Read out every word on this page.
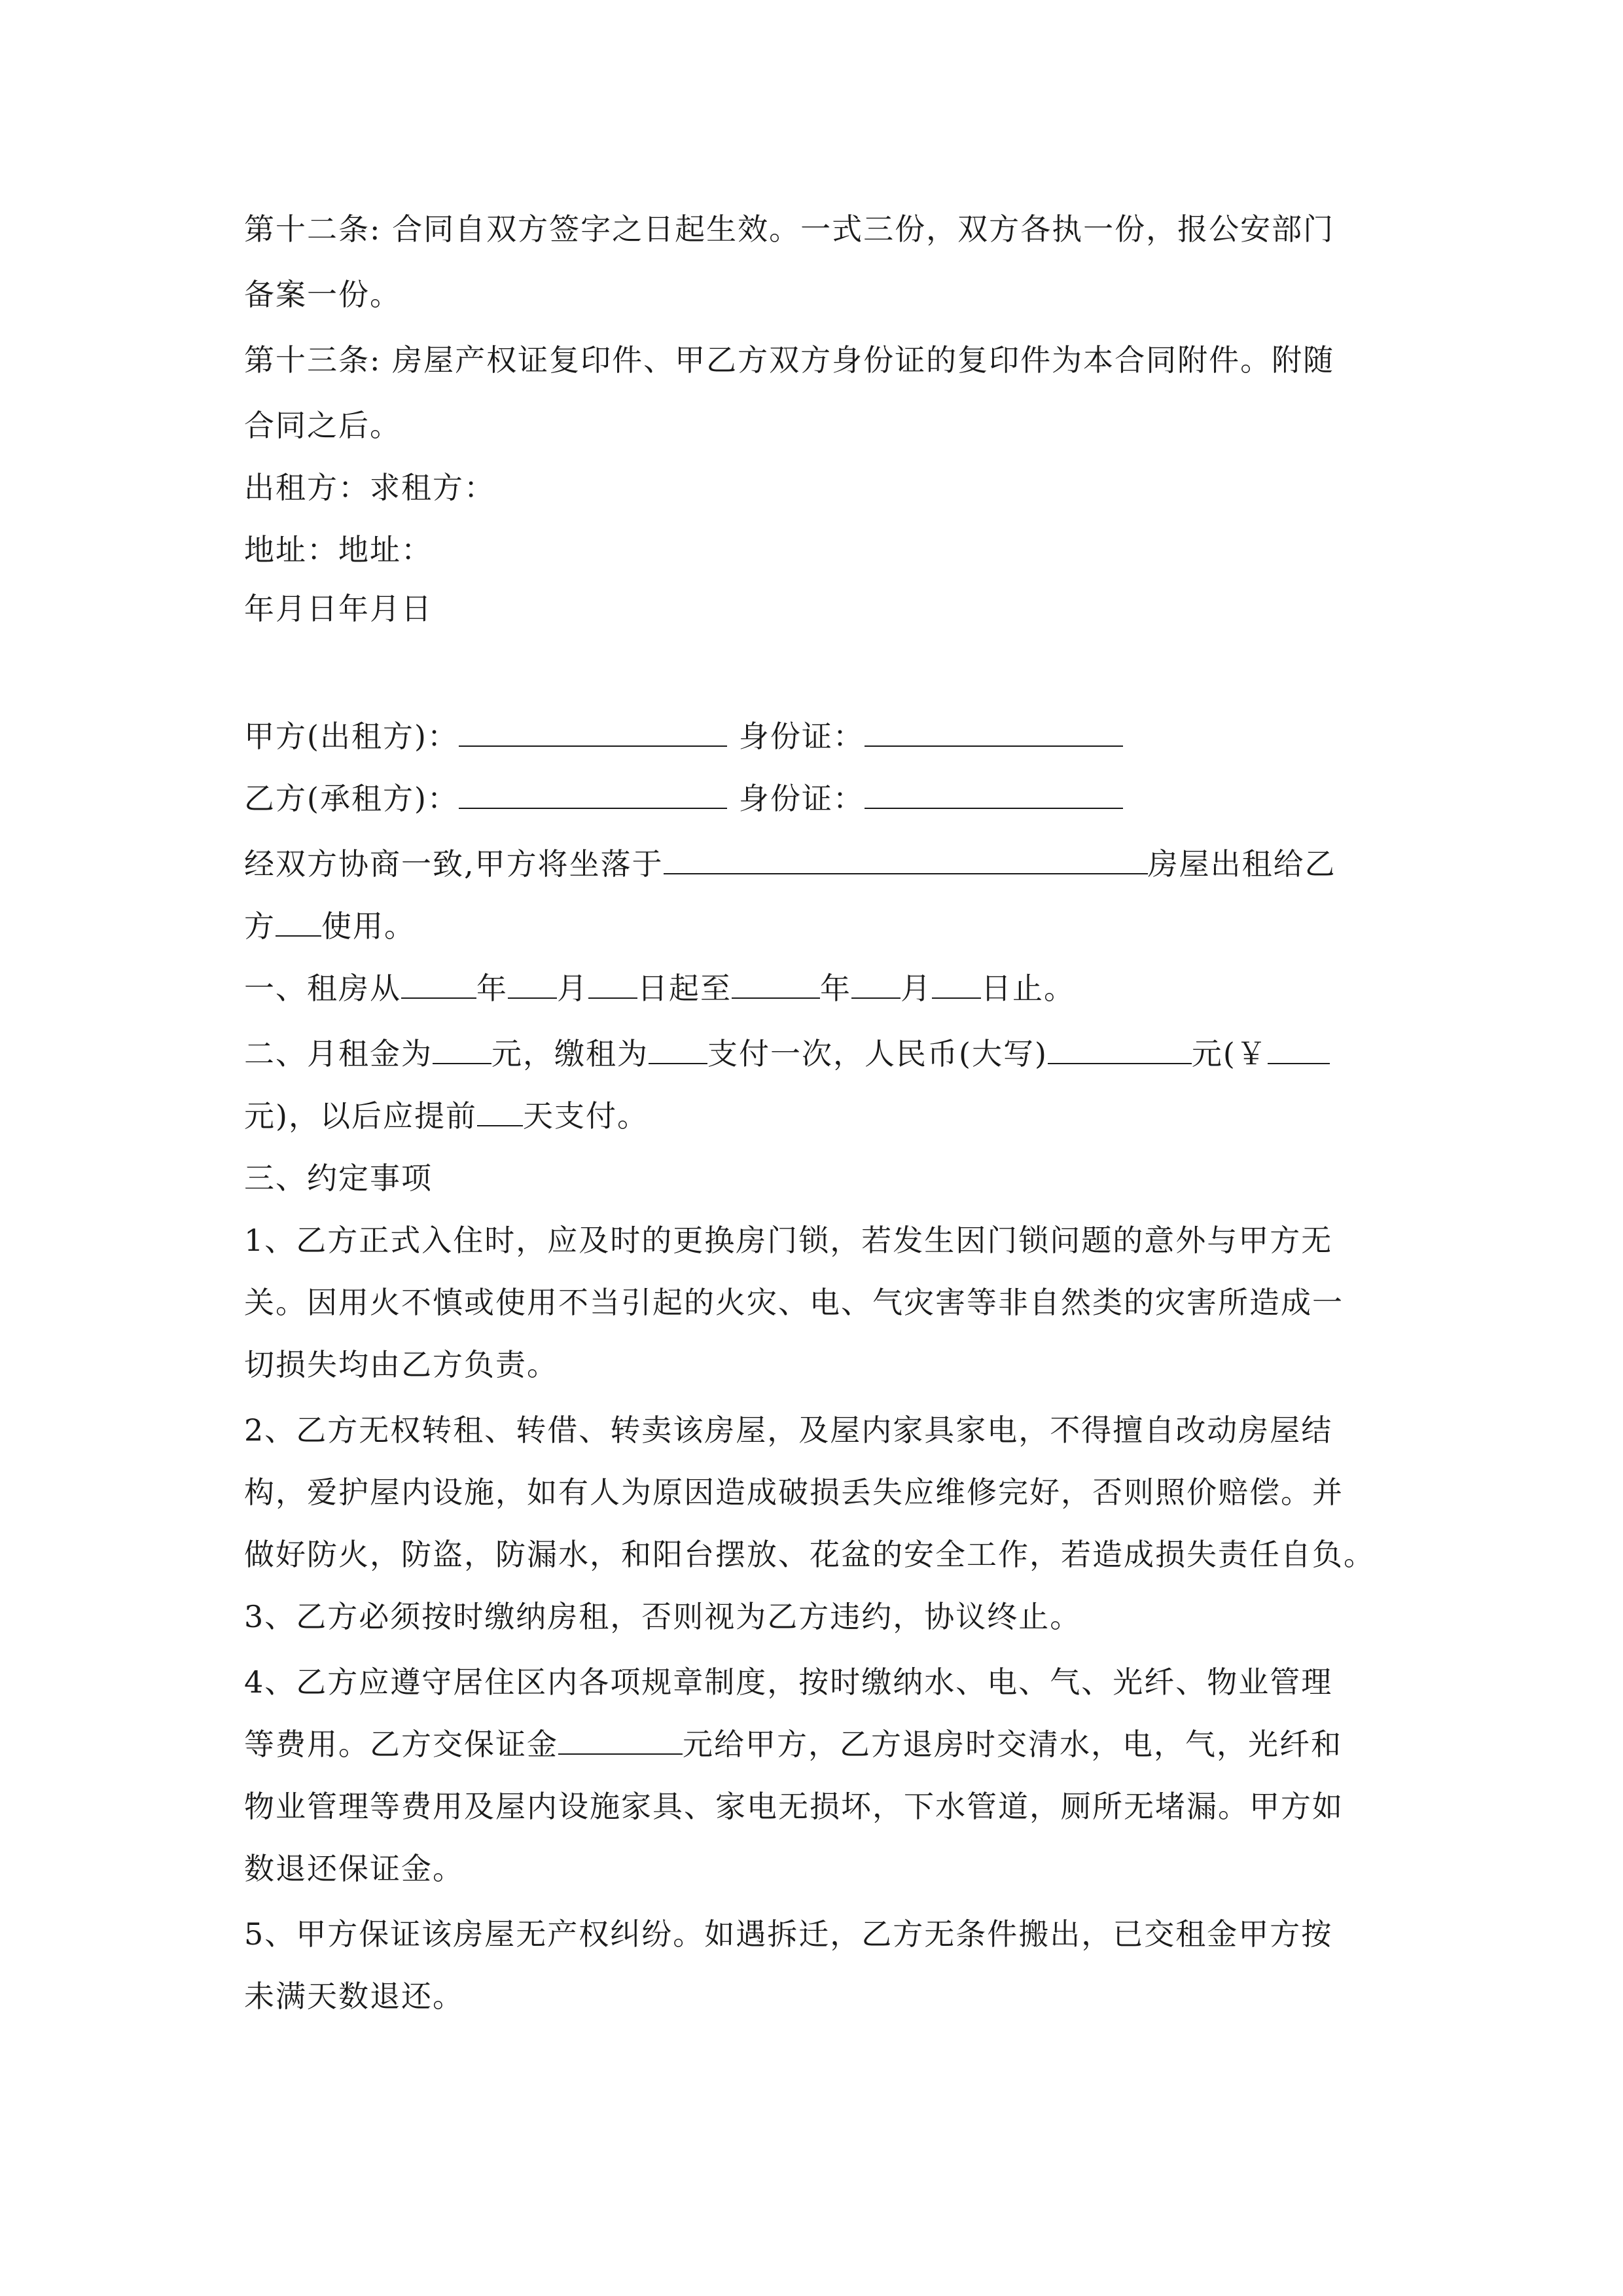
第十二条: 合同自双方签字之日起生效。一式三份，双方各执一份，报公安部门
备案一份。
第十三条: 房屋产权证复印件、甲乙方双方身份证的复印件为本合同附件。附随
合同之后。
出租方：求租方：
地址：地址：
年月日年月日
甲方(出租方)：	身份证：
乙方(承租方)：	身份证：
经双方协商一致,甲方将坐落于	房屋出租给乙
方 使用。
一、租房从	年 月 日起至	年 月 日止。
二、月租金为 元，缴租为 支付一次，人民币(大写)	元(￥
元)，以后应提前 天支付。
三、约定事项
1、乙方正式入住时，应及时的更换房门锁，若发生因门锁问题的意外与甲方无
关。因用火不慎或使用不当引起的火灾、电、气灾害等非自然类的灾害所造成一
切损失均由乙方负责。
2、乙方无权转租、转借、转卖该房屋，及屋内家具家电，不得擅自改动房屋结
构，爱护屋内设施，如有人为原因造成破损丢失应维修完好，否则照价赔偿。并
做好防火，防盗，防漏水，和阳台摆放、花盆的安全工作，若造成损失责任自负。
3、乙方必须按时缴纳房租，否则视为乙方违约，协议终止。
4、乙方应遵守居住区内各项规章制度，按时缴纳水、电、气、光纤、物业管理
等费用。乙方交保证金	元给甲方，乙方退房时交清水，电，气，光纤和
物业管理等费用及屋内设施家具、家电无损坏，下水管道，厕所无堵漏。甲方如
数退还保证金。
5、甲方保证该房屋无产权纠纷。如遇拆迁，乙方无条件搬出，已交租金甲方按
未满天数退还。
